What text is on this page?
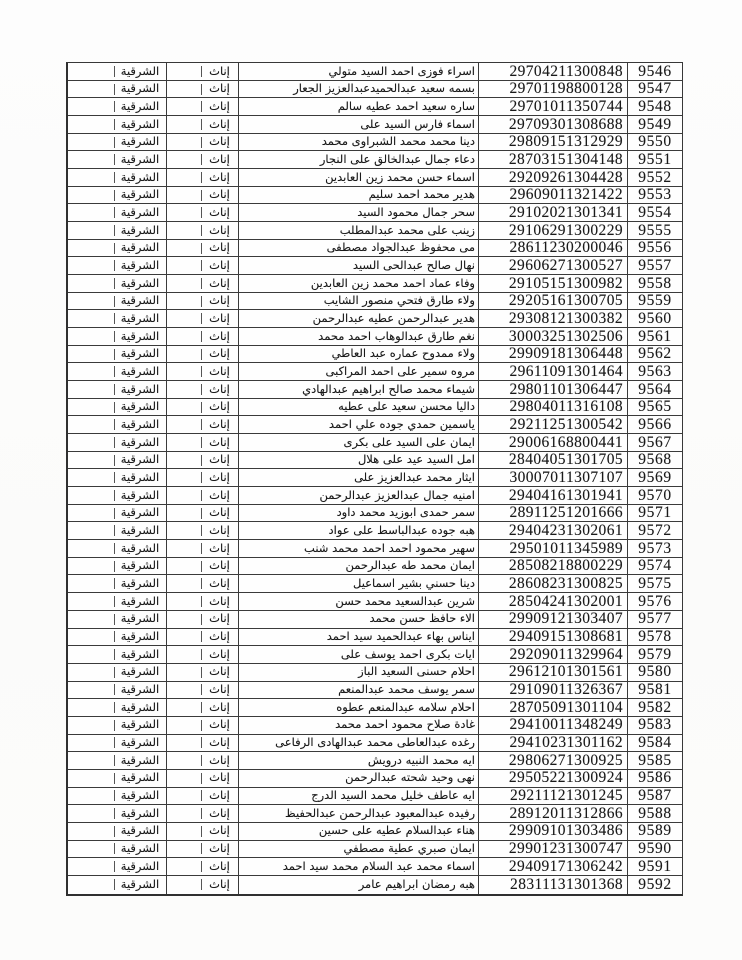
الشرقية	إناث	اسراء فوزى احمد السيد متولي	29704211300848 9546
الشرقية	إناث	بسمه سعيد عبدالحميدعبدالعزيز الجعار	29701198800128 9547
الشرقية	إناث	ساره سعيد احمد عطيه سالم	29701011350744 9548
الشرقية	إناث	اسماء فارس السيد على	29709301308688 9549
الشرقية	إناث	دينا محمد محمد الشبراوى محمد	29809151312929 9550
الشرقية	إناث	دعاء جمال عبدالخالق على النجار	28703151304148 9551
الشرقية	إناث	اسماء حسن محمد زين العابدين	29209261304428 9552
الشرقية	إناث	هدير محمد احمد سليم	29609011321422 9553
الشرقية	إناث	سحر جمال محمود السيد	29102021301341 9554
الشرقية	إناث	زينب على محمد عبدالمطلب	29106291300229 9555
الشرقية	إناث	مى محفوظ عبدالجواد مصطفى	28611230200046 9556
الشرقية	إناث	نهال صالح عبدالحى السيد	29606271300527 9557
الشرقية	إناث	وفاء عماد احمد محمد زين العابدين	29105151300982 9558
الشرقية	إناث	ولاء طارق فتحي منصور الشايب	29205161300705 9559
الشرقية	إناث	هدير عبدالرحمن عطيه عبدالرحمن	29308121300382 9560
الشرقية	إناث	نغم طارق عبدالوهاب احمد محمد	30003251302506 9561
الشرقية	إناث	ولاء ممدوح عماره عبد العاطي	29909181306448 9562
الشرقية	إناث	مروه سمير على احمد المراكبى	29611091301464 9563
الشرقية	إناث	شيماء محمد صالح ابراهيم عبدالهادي	29801101306447 9564
الشرقية	إناث	داليا محسن سعيد على عطيه	29804011316108 9565
الشرقية	إناث	ياسمين حمدي جوده علي احمد	29211251300542 9566
الشرقية	إناث	ايمان على السيد على بكرى	29006168800441 9567
الشرقية	إناث	امل السيد عيد على هلال	28404051301705 9568
الشرقية	إناث	ايثار محمد عبدالعزيز على	30007011307107 9569
الشرقية	إناث	امنيه جمال عبدالعزيز عبدالرحمن	29404161301941 9570
الشرقية	إناث	سمر حمدى ابوزيد محمد داود	28911251201666 9571
الشرقية	إناث	هبه جوده عبدالباسط على عواد	29404231302061 9572
الشرقية	إناث	سهير محمود احمد احمد محمد شنب	29501011345989 9573
الشرقية	إناث	ايمان محمد طه عبدالرحمن	28508218800229 9574
الشرقية	إناث	دينا حسني بشير اسماعيل	28608231300825 9575
الشرقية	إناث	شرين عبدالسعيد محمد حسن	28504241302001 9576
الشرقية	إناث	الاء حافظ حسن محمد	29909121303407 9577
الشرقية	إناث	ايناس بهاء عبدالحميد سيد احمد	29409151308681 9578
الشرقية	إناث	ايات بكرى احمد يوسف على	29209011329964 9579
الشرقية	إناث	احلام حسنى السعيد الباز	29612101301561 9580
الشرقية	إناث	سمر يوسف محمد عبدالمنعم	29109011326367 9581
الشرقية	إناث	احلام سلامه عبدالمنعم عطوه	28705091301104 9582
الشرقية	إناث	غادة صلاح محمود احمد محمد	29410011348249 9583
الشرقية	إناث	رغده عبدالعاطى محمد عبدالهادى الرفاعى	29410231301162 9584
الشرقية	إناث	ايه محمد النبيه درويش	29806271300925 9585
الشرقية	إناث	نهى وحيد شحته عبدالرحمن	29505221300924 9586
الشرقية	إناث	ايه عاطف خليل محمد السيد الدرج	29211121301245 9587
الشرقية	إناث	رفيده عبدالمعبود عبدالرحمن عبدالحفيظ	28912011312866 9588
الشرقية	إناث	هناء عبدالسلام عطيه على حسين	29909101303486 9589
الشرقية	إناث	ايمان صبري عطية مصطفي	29901231300747 9590
الشرقية	إناث	اسماء محمد عبد السلام محمد سيد احمد	29409171306242 9591
الشرقية	إناث	هبه رمضان ابراهيم عامر	28311131301368 9592
